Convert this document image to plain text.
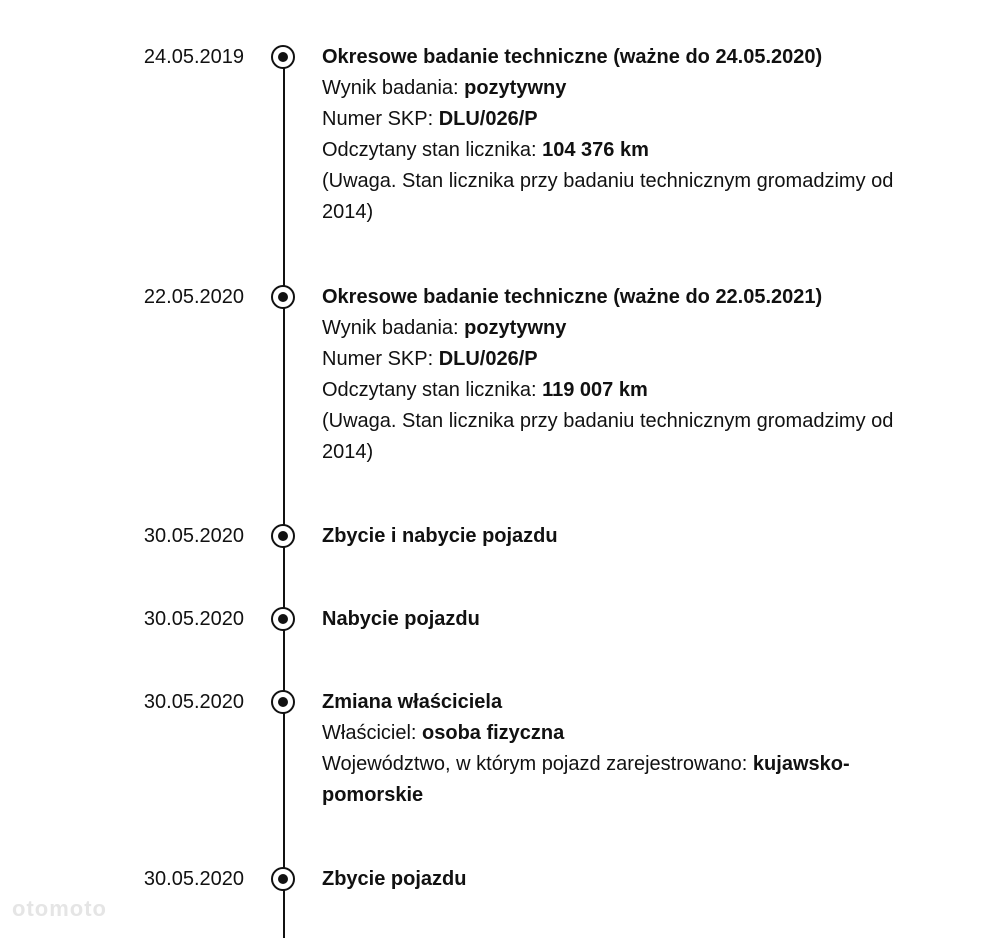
24.05.2019	Okresowe badanie techniczne (ważne do 24.05.2020)
Wynik badania: pozytywny
Numer SKP: DLU/026/P
Odczytany stan licznika: 104 376 km
(Uwaga. Stan licznika przy badaniu technicznym gromadzimy od 2014)
22.05.2020	Okresowe badanie techniczne (ważne do 22.05.2021)
Wynik badania: pozytywny
Numer SKP: DLU/026/P
Odczytany stan licznika: 119 007 km
(Uwaga. Stan licznika przy badaniu technicznym gromadzimy od 2014)
30.05.2020	Zbycie i nabycie pojazdu
30.05.2020	Nabycie pojazdu
30.05.2020	Zmiana właściciela
Właściciel: osoba fizyczna
Województwo, w którym pojazd zarejestrowano: kujawsko-pomorskie
30.05.2020	Zbycie pojazdu
otomoto
